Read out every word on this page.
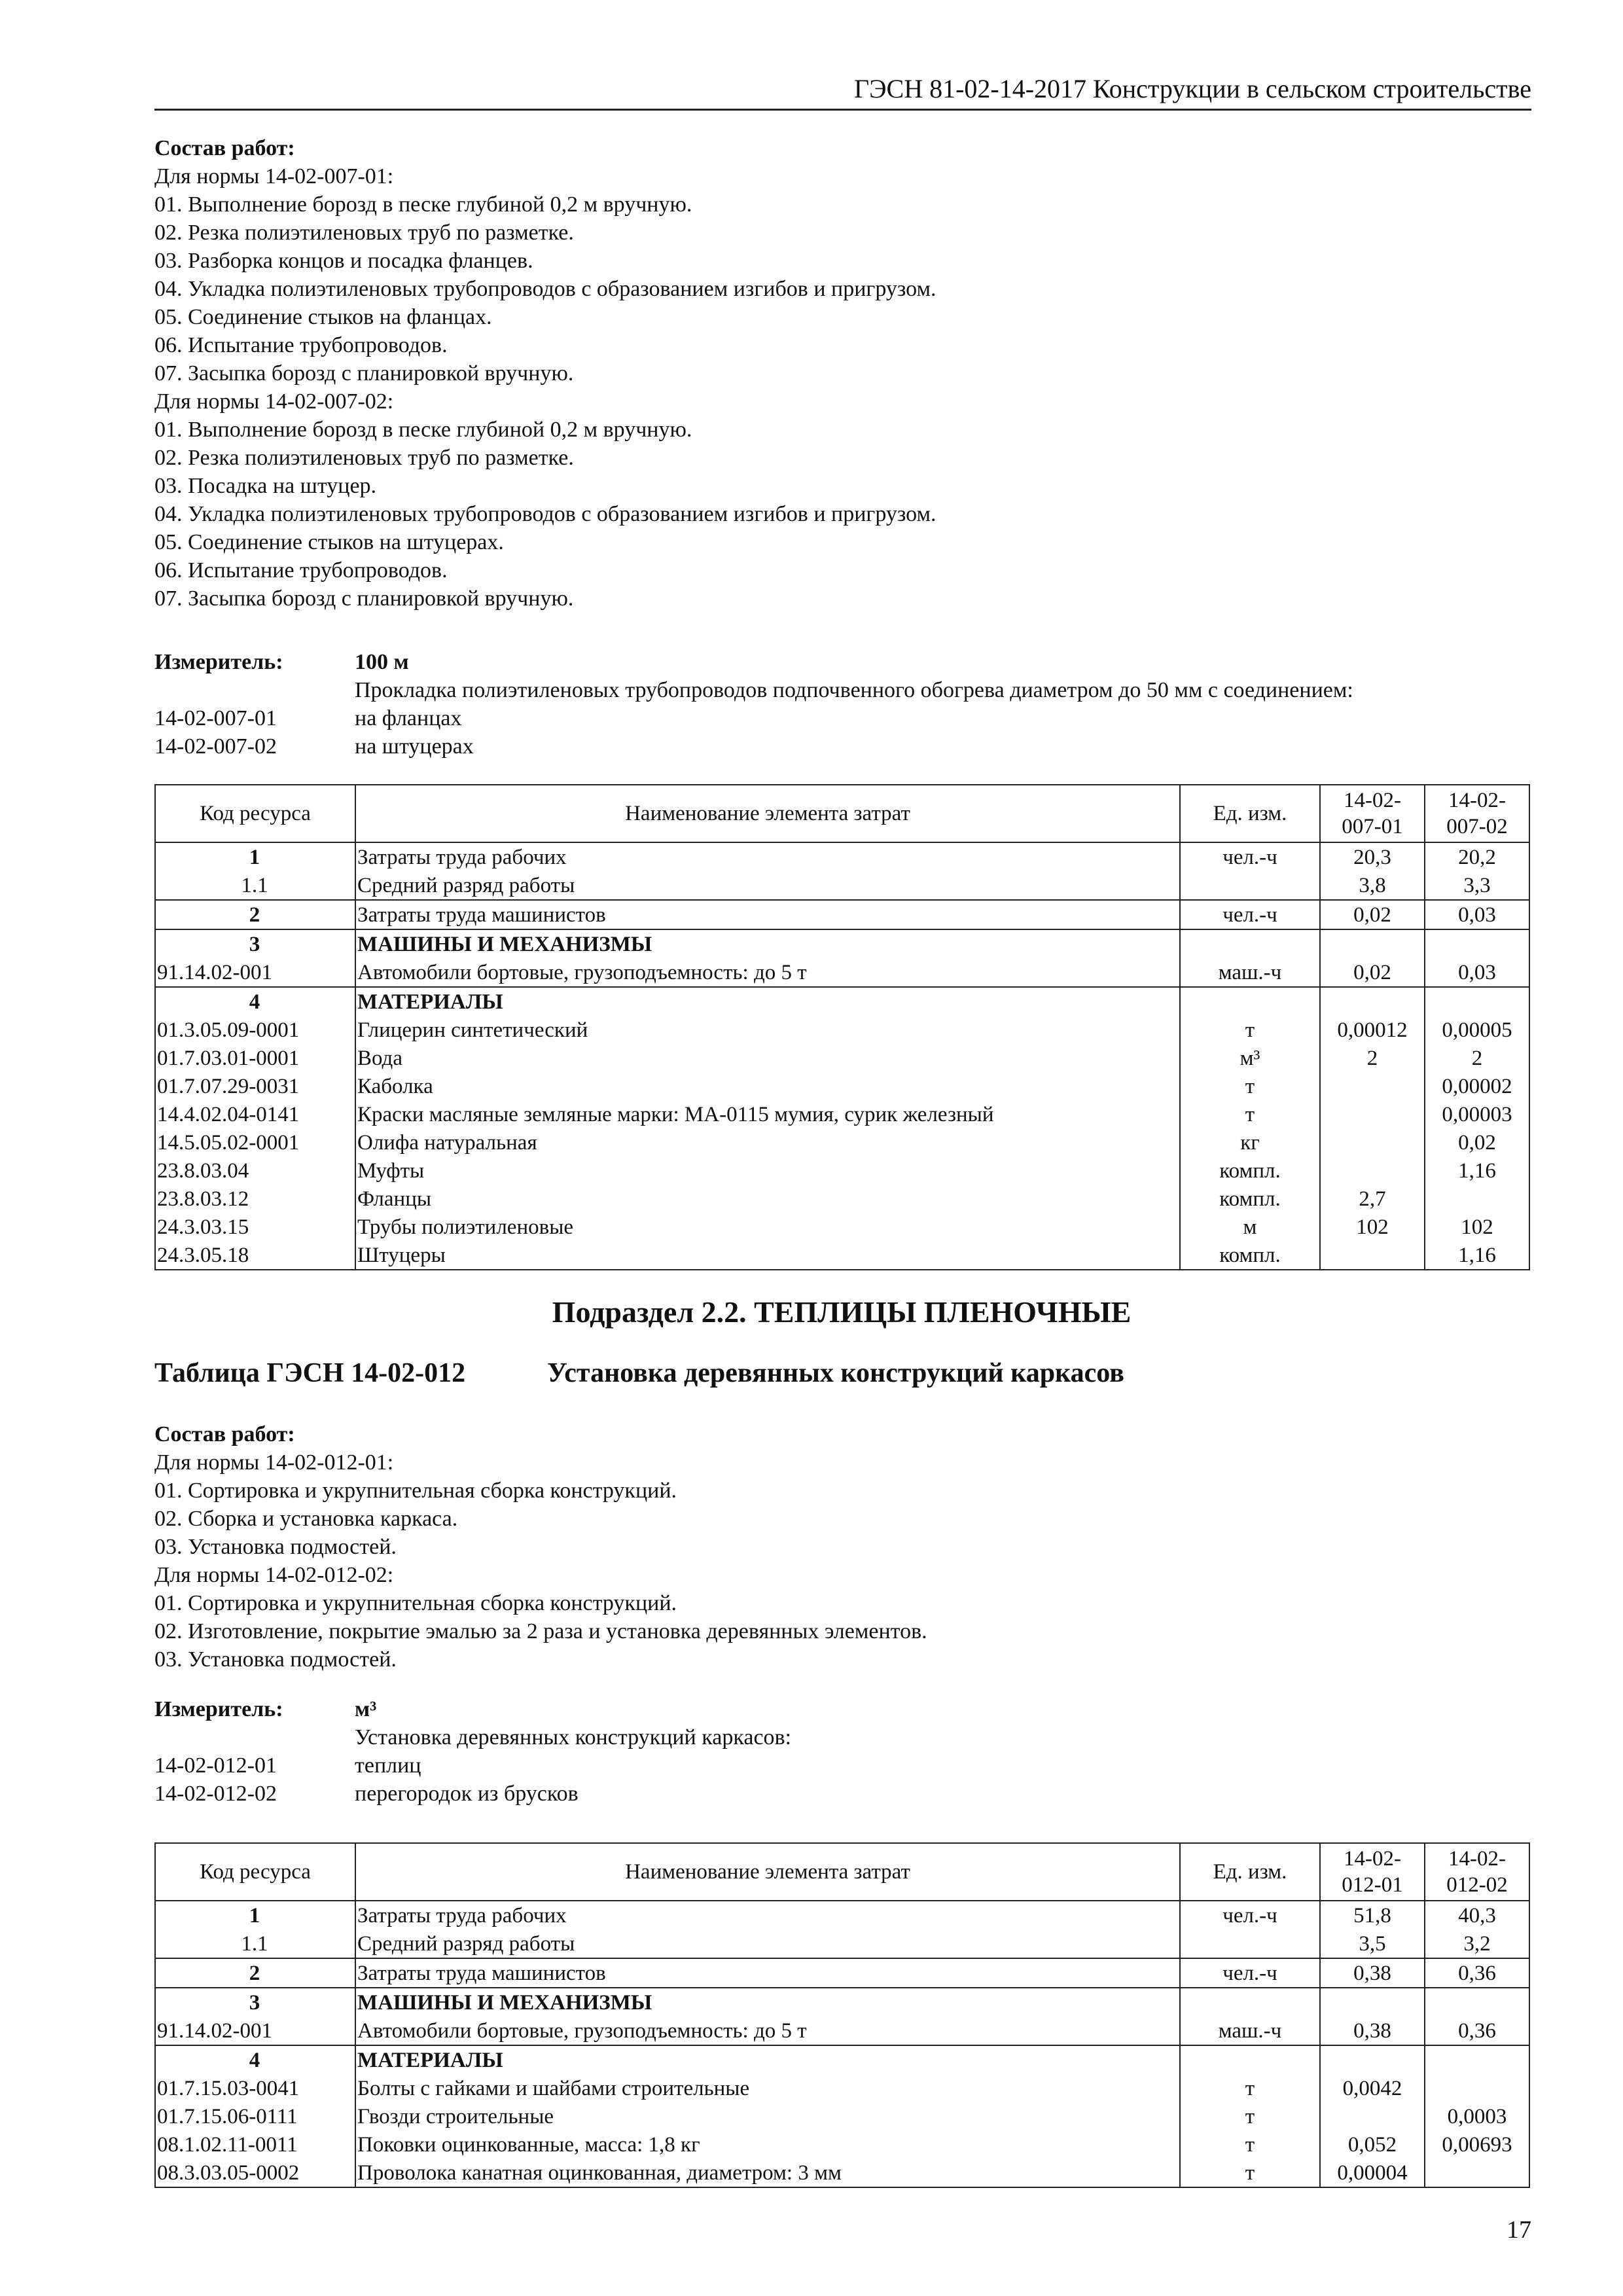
ГЭСН 81-02-14-2017 Конструкции в сельском строительстве
Состав работ:
Для нормы 14-02-007-01:
01. Выполнение борозд в песке глубиной 0,2 м вручную.
02. Резка полиэтиленовых труб по разметке.
03. Разборка концов и посадка фланцев.
04. Укладка полиэтиленовых трубопроводов с образованием изгибов и пригрузом.
05. Соединение стыков на фланцах.
06. Испытание трубопроводов.
07. Засыпка борозд с планировкой вручную.
Для нормы 14-02-007-02:
01. Выполнение борозд в песке глубиной 0,2 м вручную.
02. Резка полиэтиленовых труб по разметке.
03. Посадка на штуцер.
04. Укладка полиэтиленовых трубопроводов с образованием изгибов и пригрузом.
05. Соединение стыков на штуцерах.
06. Испытание трубопроводов.
07. Засыпка борозд с планировкой вручную.
Измеритель:	100 м
Прокладка полиэтиленовых трубопроводов подпочвенного обогрева диаметром до 50 мм с соединением:
14-02-007-01	на фланцах
14-02-007-02	на штуцерах
Код ресурса	Наименование элемента затрат	Ед. изм.	14-02-
007-01	14-02-
007-02
1	Затраты труда рабочих	чел.-ч	20,3	20,2
1.1	Средний разряд работы		3,8	3,3
2	Затраты труда машинистов	чел.-ч	0,02	0,03
3	МАШИНЫ И МЕХАНИЗМЫ			
91.14.02-001	Автомобили бортовые, грузоподъемность: до 5 т	маш.-ч	0,02	0,03
4	МАТЕРИАЛЫ			
01.3.05.09-0001	Глицерин синтетический	т	0,00012	0,00005
01.7.03.01-0001	Вода	м³	2	2
01.7.07.29-0031	Каболка	т		0,00002
14.4.02.04-0141	Краски масляные земляные марки: МА-0115 мумия, сурик железный	т		0,00003
14.5.05.02-0001	Олифа натуральная	кг		0,02
23.8.03.04	Муфты	компл.		1,16
23.8.03.12	Фланцы	компл.	2,7	
24.3.03.15	Трубы полиэтиленовые	м	102	102
24.3.05.18	Штуцеры	компл.		1,16
Подраздел 2.2. ТЕПЛИЦЫ ПЛЕНОЧНЫЕ
Таблица ГЭСН 14-02-012	Установка деревянных конструкций каркасов
Состав работ:
Для нормы 14-02-012-01:
01. Сортировка и укрупнительная сборка конструкций.
02. Сборка и установка каркаса.
03. Установка подмостей.
Для нормы 14-02-012-02:
01. Сортировка и укрупнительная сборка конструкций.
02. Изготовление, покрытие эмалью за 2 раза и установка деревянных элементов.
03. Установка подмостей.
Измеритель:	м³
Установка деревянных конструкций каркасов:
14-02-012-01	теплиц
14-02-012-02	перегородок из брусков
Код ресурса	Наименование элемента затрат	Ед. изм.	14-02-
012-01	14-02-
012-02
1	Затраты труда рабочих	чел.-ч	51,8	40,3
1.1	Средний разряд работы		3,5	3,2
2	Затраты труда машинистов	чел.-ч	0,38	0,36
3	МАШИНЫ И МЕХАНИЗМЫ			
91.14.02-001	Автомобили бортовые, грузоподъемность: до 5 т	маш.-ч	0,38	0,36
4	МАТЕРИАЛЫ			
01.7.15.03-0041	Болты с гайками и шайбами строительные	т	0,0042	
01.7.15.06-0111	Гвозди строительные	т		0,0003
08.1.02.11-0011	Поковки оцинкованные, масса: 1,8 кг	т	0,052	0,00693
08.3.03.05-0002	Проволока канатная оцинкованная, диаметром: 3 мм	т	0,00004	
17
